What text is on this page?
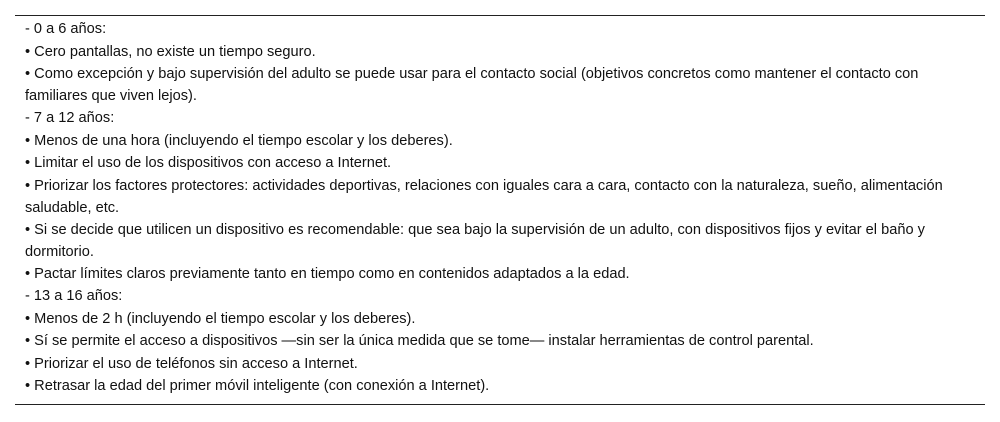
- 0 a 6 años:

• Cero pantallas, no existe un tiempo seguro.

• Como excepción y bajo supervisión del adulto se puede usar para el contacto social (objetivos concretos como mantener el contacto con familiares que viven lejos).

- 7 a 12 años:

• Menos de una hora (incluyendo el tiempo escolar y los deberes).

• Limitar el uso de los dispositivos con acceso a Internet.

• Priorizar los factores protectores: actividades deportivas, relaciones con iguales cara a cara, contacto con la naturaleza, sueño, alimentación saludable, etc.

• Si se decide que utilicen un dispositivo es recomendable: que sea bajo la supervisión de un adulto, con dispositivos fijos y evitar el baño y dormitorio.

• Pactar límites claros previamente tanto en tiempo como en contenidos adaptados a la edad.

- 13 a 16 años:

• Menos de 2 h (incluyendo el tiempo escolar y los deberes).

• Sí se permite el acceso a dispositivos —sin ser la única medida que se tome— instalar herramientas de control parental.

• Priorizar el uso de teléfonos sin acceso a Internet.

• Retrasar la edad del primer móvil inteligente (con conexión a Internet).
